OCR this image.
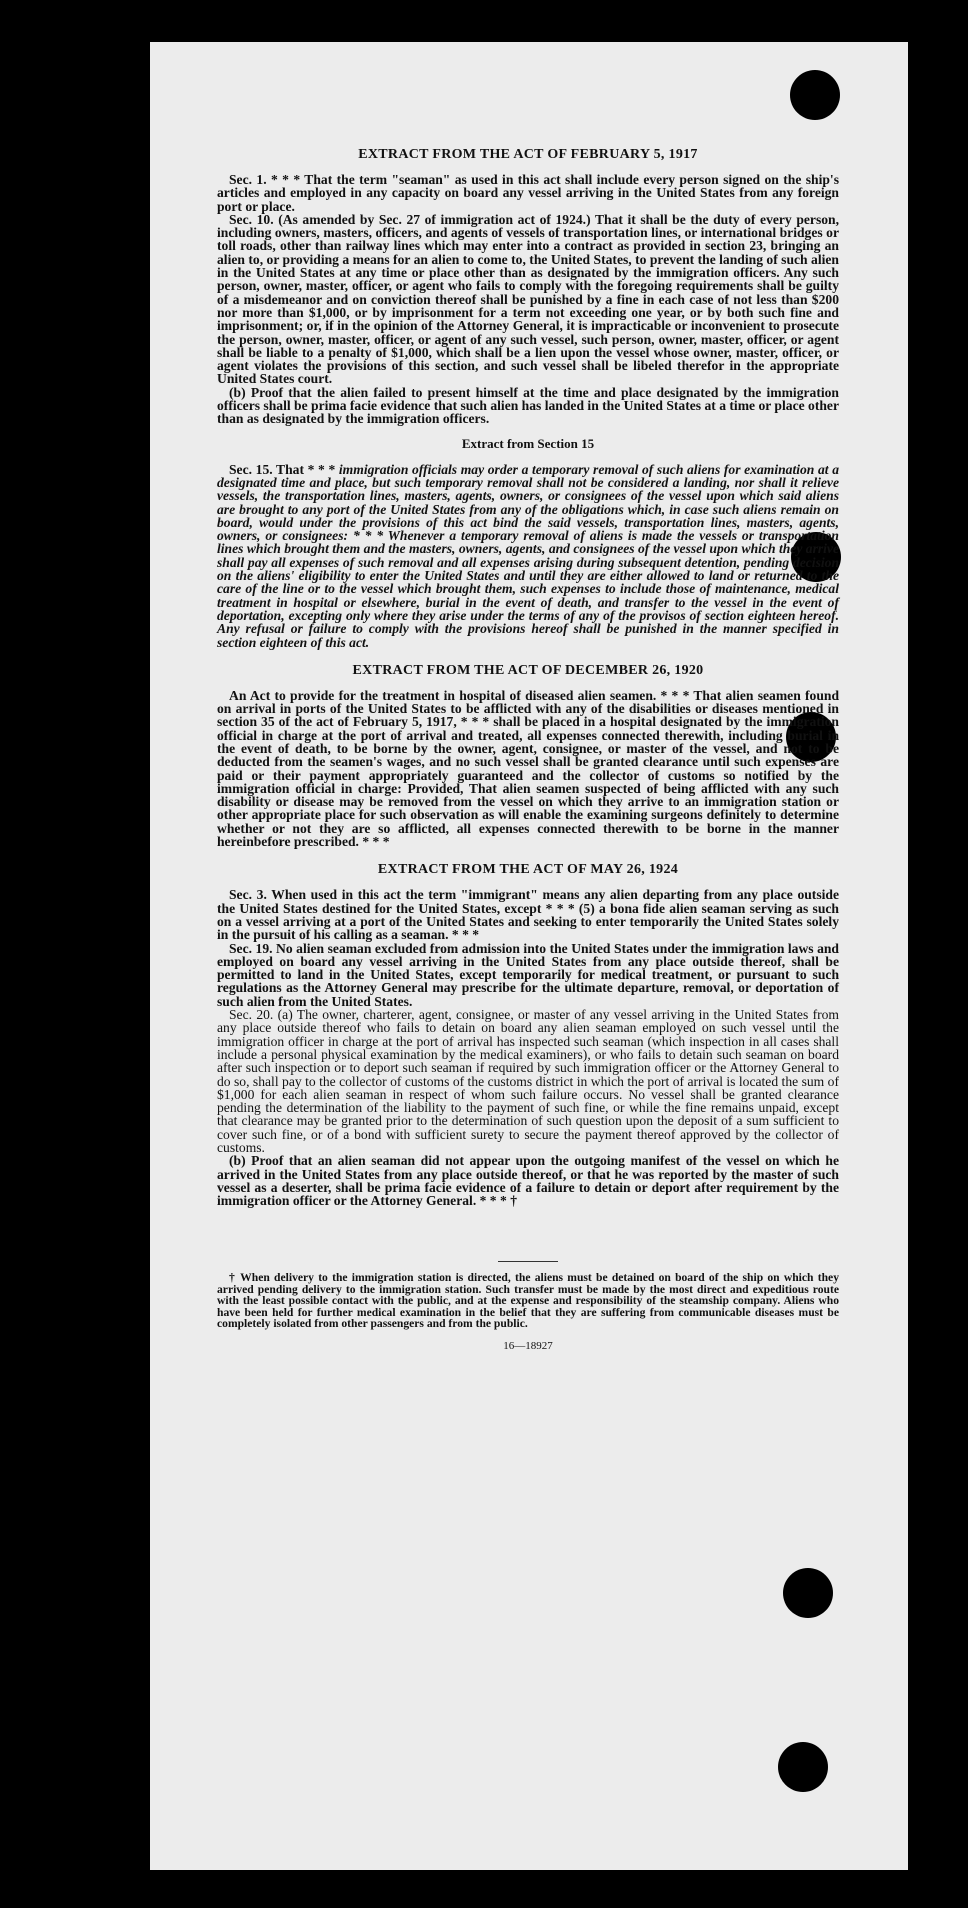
EXTRACT FROM THE ACT OF FEBRUARY 5, 1917

Sec. 1. * * * That the term "seaman" as used in this act shall include every person signed on the ship's articles and employed in any capacity on board any vessel arriving in the United States from any foreign port or place.

Sec. 10. (As amended by Sec. 27 of immigration act of 1924.) That it shall be the duty of every person, including owners, masters, officers, and agents of vessels of transportation lines, or international bridges or toll roads, other than railway lines which may enter into a contract as provided in section 23, bringing an alien to, or providing a means for an alien to come to, the United States, to prevent the landing of such alien in the United States at any time or place other than as designated by the immigration officers. Any such person, owner, master, officer, or agent who fails to comply with the foregoing requirements shall be guilty of a misdemeanor and on conviction thereof shall be punished by a fine in each case of not less than $200 nor more than $1,000, or by imprisonment for a term not exceeding one year, or by both such fine and imprisonment; or, if in the opinion of the Attorney General, it is impracticable or inconvenient to prosecute the person, owner, master, officer, or agent of any such vessel, such person, owner, master, officer, or agent shall be liable to a penalty of $1,000, which shall be a lien upon the vessel whose owner, master, officer, or agent violates the provisions of this section, and such vessel shall be libeled therefor in the appropriate United States court.

(b) Proof that the alien failed to present himself at the time and place designated by the immigration officers shall be prima facie evidence that such alien has landed in the United States at a time or place other than as designated by the immigration officers.

Extract from Section 15

Sec. 15. That * * * immigration officials may order a temporary removal of such aliens for examination at a designated time and place, but such temporary removal shall not be considered a landing, nor shall it relieve vessels, the transportation lines, masters, agents, owners, or consignees of the vessel upon which said aliens are brought to any port of the United States from any of the obligations which, in case such aliens remain on board, would under the provisions of this act bind the said vessels, transportation lines, masters, agents, owners, or consignees: * * * Whenever a temporary removal of aliens is made the vessels or transportation lines which brought them and the masters, owners, agents, and consignees of the vessel upon which they arrive shall pay all expenses of such removal and all expenses arising during subsequent detention, pending decision on the aliens' eligibility to enter the United States and until they are either allowed to land or returned to the care of the line or to the vessel which brought them, such expenses to include those of maintenance, medical treatment in hospital or elsewhere, burial in the event of death, and transfer to the vessel in the event of deportation, excepting only where they arise under the terms of any of the provisos of section eighteen hereof. Any refusal or failure to comply with the provisions hereof shall be punished in the manner specified in section eighteen of this act.

EXTRACT FROM THE ACT OF DECEMBER 26, 1920

An Act to provide for the treatment in hospital of diseased alien seamen. * * * That alien seamen found on arrival in ports of the United States to be afflicted with any of the disabilities or diseases mentioned in section 35 of the act of February 5, 1917, * * * shall be placed in a hospital designated by the immigration official in charge at the port of arrival and treated, all expenses connected therewith, including burial in the event of death, to be borne by the owner, agent, consignee, or master of the vessel, and not to be deducted from the seamen's wages, and no such vessel shall be granted clearance until such expenses are paid or their payment appropriately guaranteed and the collector of customs so notified by the immigration official in charge: Provided, That alien seamen suspected of being afflicted with any such disability or disease may be removed from the vessel on which they arrive to an immigration station or other appropriate place for such observation as will enable the examining surgeons definitely to determine whether or not they are so afflicted, all expenses connected therewith to be borne in the manner hereinbefore prescribed. * * *

EXTRACT FROM THE ACT OF MAY 26, 1924

Sec. 3. When used in this act the term "immigrant" means any alien departing from any place outside the United States destined for the United States, except * * * (5) a bona fide alien seaman serving as such on a vessel arriving at a port of the United States and seeking to enter temporarily the United States solely in the pursuit of his calling as a seaman. * * *

Sec. 19. No alien seaman excluded from admission into the United States under the immigration laws and employed on board any vessel arriving in the United States from any place outside thereof, shall be permitted to land in the United States, except temporarily for medical treatment, or pursuant to such regulations as the Attorney General may prescribe for the ultimate departure, removal, or deportation of such alien from the United States.

Sec. 20. (a) The owner, charterer, agent, consignee, or master of any vessel arriving in the United States from any place outside thereof who fails to detain on board any alien seaman employed on such vessel until the immigration officer in charge at the port of arrival has inspected such seaman (which inspection in all cases shall include a personal physical examination by the medical examiners), or who fails to detain such seaman on board after such inspection or to deport such seaman if required by such immigration officer or the Attorney General to do so, shall pay to the collector of customs of the customs district in which the port of arrival is located the sum of $1,000 for each alien seaman in respect of whom such failure occurs. No vessel shall be granted clearance pending the determination of the liability to the payment of such fine, or while the fine remains unpaid, except that clearance may be granted prior to the determination of such question upon the deposit of a sum sufficient to cover such fine, or of a bond with sufficient surety to secure the payment thereof approved by the collector of customs.

(b) Proof that an alien seaman did not appear upon the outgoing manifest of the vessel on which he arrived in the United States from any place outside thereof, or that he was reported by the master of such vessel as a deserter, shall be prima facie evidence of a failure to detain or deport after requirement by the immigration officer or the Attorney General. * * * †

† When delivery to the immigration station is directed, the aliens must be detained on board of the ship on which they arrived pending delivery to the immigration station. Such transfer must be made by the most direct and expeditious route with the least possible contact with the public, and at the expense and responsibility of the steamship company. Aliens who have been held for further medical examination in the belief that they are suffering from communicable diseases must be completely isolated from other passengers and from the public.

16—18927
